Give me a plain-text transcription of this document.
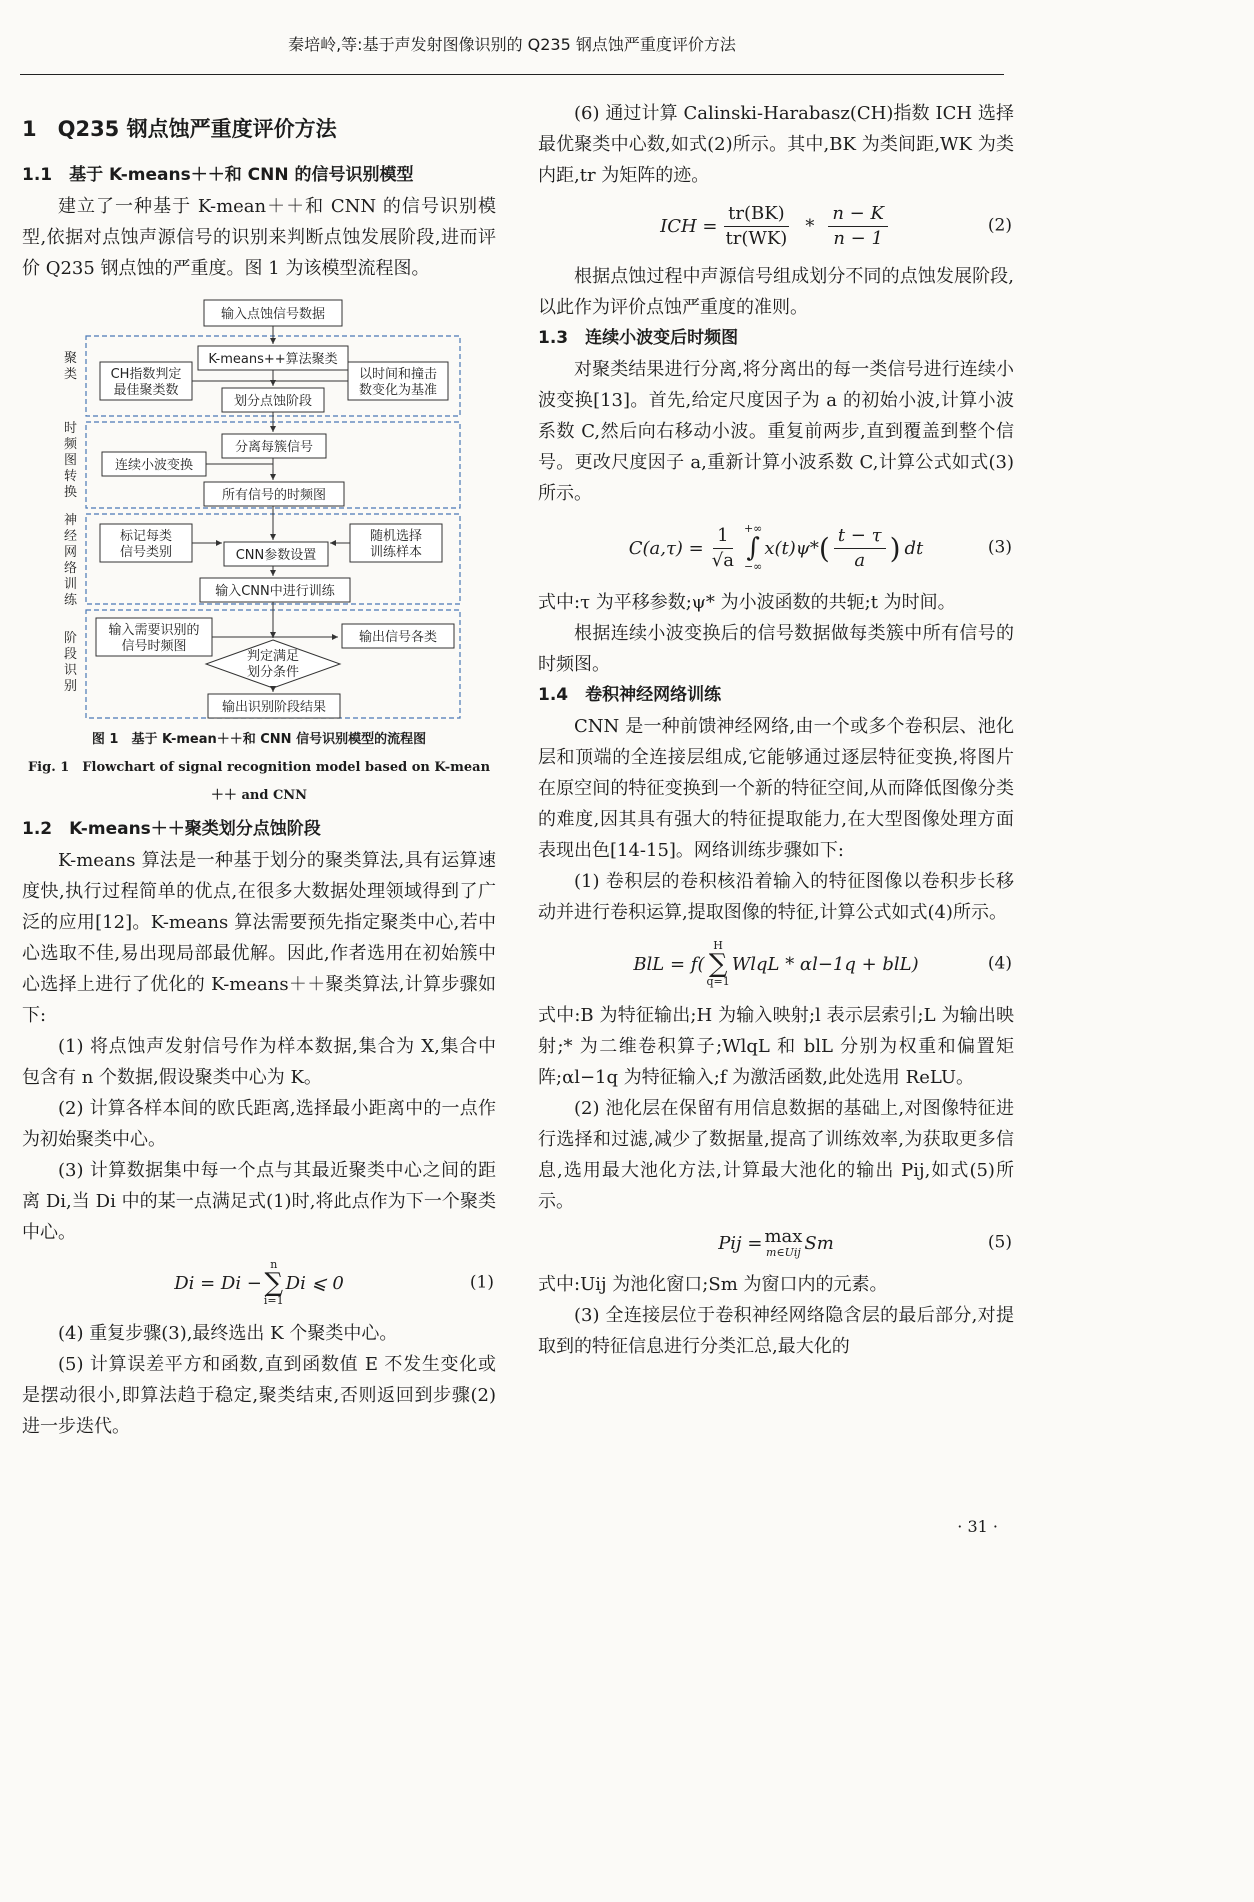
秦培岭,等:基于声发射图像识别的 Q235 钢点蚀严重度评价方法
1　Q235 钢点蚀严重度评价方法
1.1　基于 K-means＋＋和 CNN 的信号识别模型

建立了一种基于 K-mean＋＋和 CNN 的信号识别模型,依据对点蚀声源信号的识别来判断点蚀发展阶段,进而评价 Q235 钢点蚀的严重度。图 1 为该模型流程图。

聚类
时频图转换
神经网络训练
阶段识别
输入点蚀信号数据
K-means++算法聚类
CH指数判定
最佳聚类数
以时间和撞击
数变化为基准
划分点蚀阶段
分离每簇信号
连续小波变换
所有信号的时频图
标记每类
信号类别	CNN参数设置
随机选择
训练样本
输入CNN中进行训练
输入需要识别的
信号时频图
判定满足
划分条件
输出信号各类
输出识别阶段结果
图 1　基于 K-mean＋＋和 CNN 信号识别模型的流程图
Fig. 1　Flowchart of signal recognition model based on K-mean＋＋ and CNN
1.2　K-means＋＋聚类划分点蚀阶段

K-means 算法是一种基于划分的聚类算法,具有运算速度快,执行过程简单的优点,在很多大数据处理领域得到了广泛的应用[12]。K-means 算法需要预先指定聚类中心,若中心选取不佳,易出现局部最优解。因此,作者选用在初始簇中心选择上进行了优化的 K-means＋＋聚类算法,计算步骤如下:

(1) 将点蚀声发射信号作为样本数据,集合为 X,集合中包含有 n 个数据,假设聚类中心为 K。

(2) 计算各样本间的欧氏距离,选择最小距离中的一点作为初始聚类中心。

(3) 计算数据集中每一个点与其最近聚类中心之间的距离 Di,当 Di 中的某一点满足式(1)时,将此点作为下一个聚类中心。

Di = Di −
n
∑
i=1
Di ⩽ 0	(1)

(4) 重复步骤(3),最终选出 K 个聚类中心。

(5) 计算误差平方和函数,直到函数值 E 不发生变化或是摆动很小,即算法趋于稳定,聚类结束,否则返回到步骤(2)进一步迭代。

(6) 通过计算 Calinski-Harabasz(CH)指数 ICH 选择最优聚类中心数,如式(2)所示。其中,BK 为类间距,WK 为类内距,tr 为矩阵的迹。

ICH = $\frac{tr(BK)}{tr(WK)} * \frac{n - K}{n - 1}$	(2)

根据点蚀过程中声源信号组成划分不同的点蚀发展阶段,以此作为评价点蚀严重度的准则。

1.3　连续小波变后时频图

对聚类结果进行分离,将分离出的每一类信号进行连续小波变换[13]。首先,给定尺度因子为 a 的初始小波,计算小波系数 C,然后向右移动小波。重复前两步,直到覆盖到整个信号。更改尺度因子 a,重新计算小波系数 C,计算公式如式(3)所示。

$C(a,\tau) = \frac{1}{√a}$ +∞
∫
−∞
x(t)ψ* ( $\frac{t - \tau}{a}$ ) dt	(3)

式中:τ 为平移参数;ψ* 为小波函数的共轭;t 为时间。

根据连续小波变换后的信号数据做每类簇中所有信号的时频图。

1.4　卷积神经网络训练

CNN 是一种前馈神经网络,由一个或多个卷积层、池化层和顶端的全连接层组成,它能够通过逐层特征变换,将图片在原空间的特征变换到一个新的特征空间,从而降低图像分类的难度,因其具有强大的特征提取能力,在大型图像处理方面表现出色[14-15]。网络训练步骤如下:

(1) 卷积层的卷积核沿着输入的特征图像以卷积步长移动并进行卷积运算,提取图像的特征,计算公式如式(4)所示。

BlL = f(
H
∑
q=1
WlqL * αl−1q + blL)	(4)

式中:B 为特征输出;H 为输入映射;l 表示层索引;L 为输出映射;* 为二维卷积算子;WlqL 和 blL 分别为权重和偏置矩阵;αl−1q 为特征输入;f 为激活函数,此处选用 ReLU。

(2) 池化层在保留有用信息数据的基础上,对图像特征进行选择和过滤,减少了数据量,提高了训练效率,为获取更多信息,选用最大池化方法,计算最大池化的输出 Pij,如式(5)所示。

Pij = max
m∈Uij Sm	(5)

式中:Uij 为池化窗口;Sm 为窗口内的元素。

(3) 全连接层位于卷积神经网络隐含层的最后部分,对提取到的特征信息进行分类汇总,最大化的

· 31 ·
